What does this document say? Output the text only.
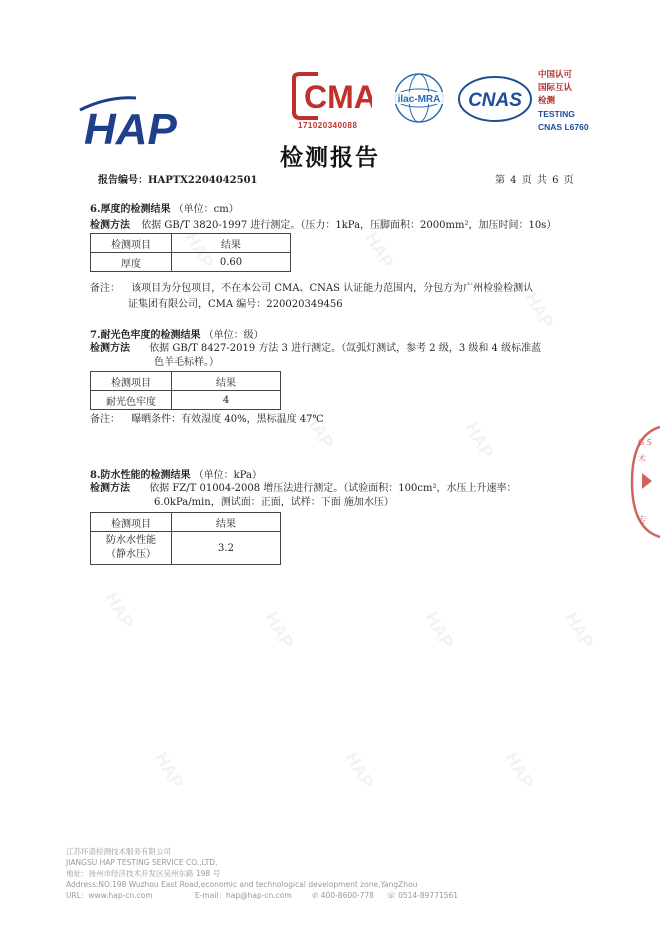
HAP	HAP
HAP
HAP	HAP
HAP	HAP	HAP	HAP
HAP	HAP	HAP
HAP
CMA
171020340088
ilac-MRA CNAS
中国认可
国际互认
检测
TESTING
CNAS L6760
检测报告
报告编号：HAPTX2204042501	第 4 页 共 6 页
6.厚度的检测结果 （单位：cm）
检测方法 依据 GB/T 3820-1997 进行测定。（压力：1kPa，压脚面积：2000mm²，加压时间：10s）
检测项目	结果
厚度	0.60
备注： 该项目为分包项目，不在本公司 CMA、CNAS 认证能力范围内，分包方为广州检验检测认
证集团有限公司，CMA 编号：220020349456
7.耐光色牢度的检测结果 （单位：级）
检测方法 依据 GB/T 8427-2019 方法 3 进行测定。（氙弧灯测试，参考 2 级，3 级和 4 级标准蓝
色羊毛标样。）
检测项目	结果
耐光色牢度	4
备注： 曝晒条件：有效湿度 40%，黑标温度 47℃
8.防水性能的检测结果 （单位：kPa）
检测方法 依据 FZ/T 01004-2008 增压法进行测定。（试验面积：100cm²，水压上升速率：
6.0kPa/min，测试面：正面，试样：下面 施加水压）
检测项目	结果
防水水性能
（静水压）	3.2
G S
术
专
江苏环谱检测技术服务有限公司
JIANGSU HAP TESTING SERVICE CO.,LTD.
地址：扬州市经济技术开发区吴州东路 198 号
Address:NO.198 Wuzhou East Road,economic and technological development zone,YangZhou
URL：www.hap-cn.com	E-mail：hap@hap-cn.com	✆ 400-8600-778 ☏ 0514-89771561
